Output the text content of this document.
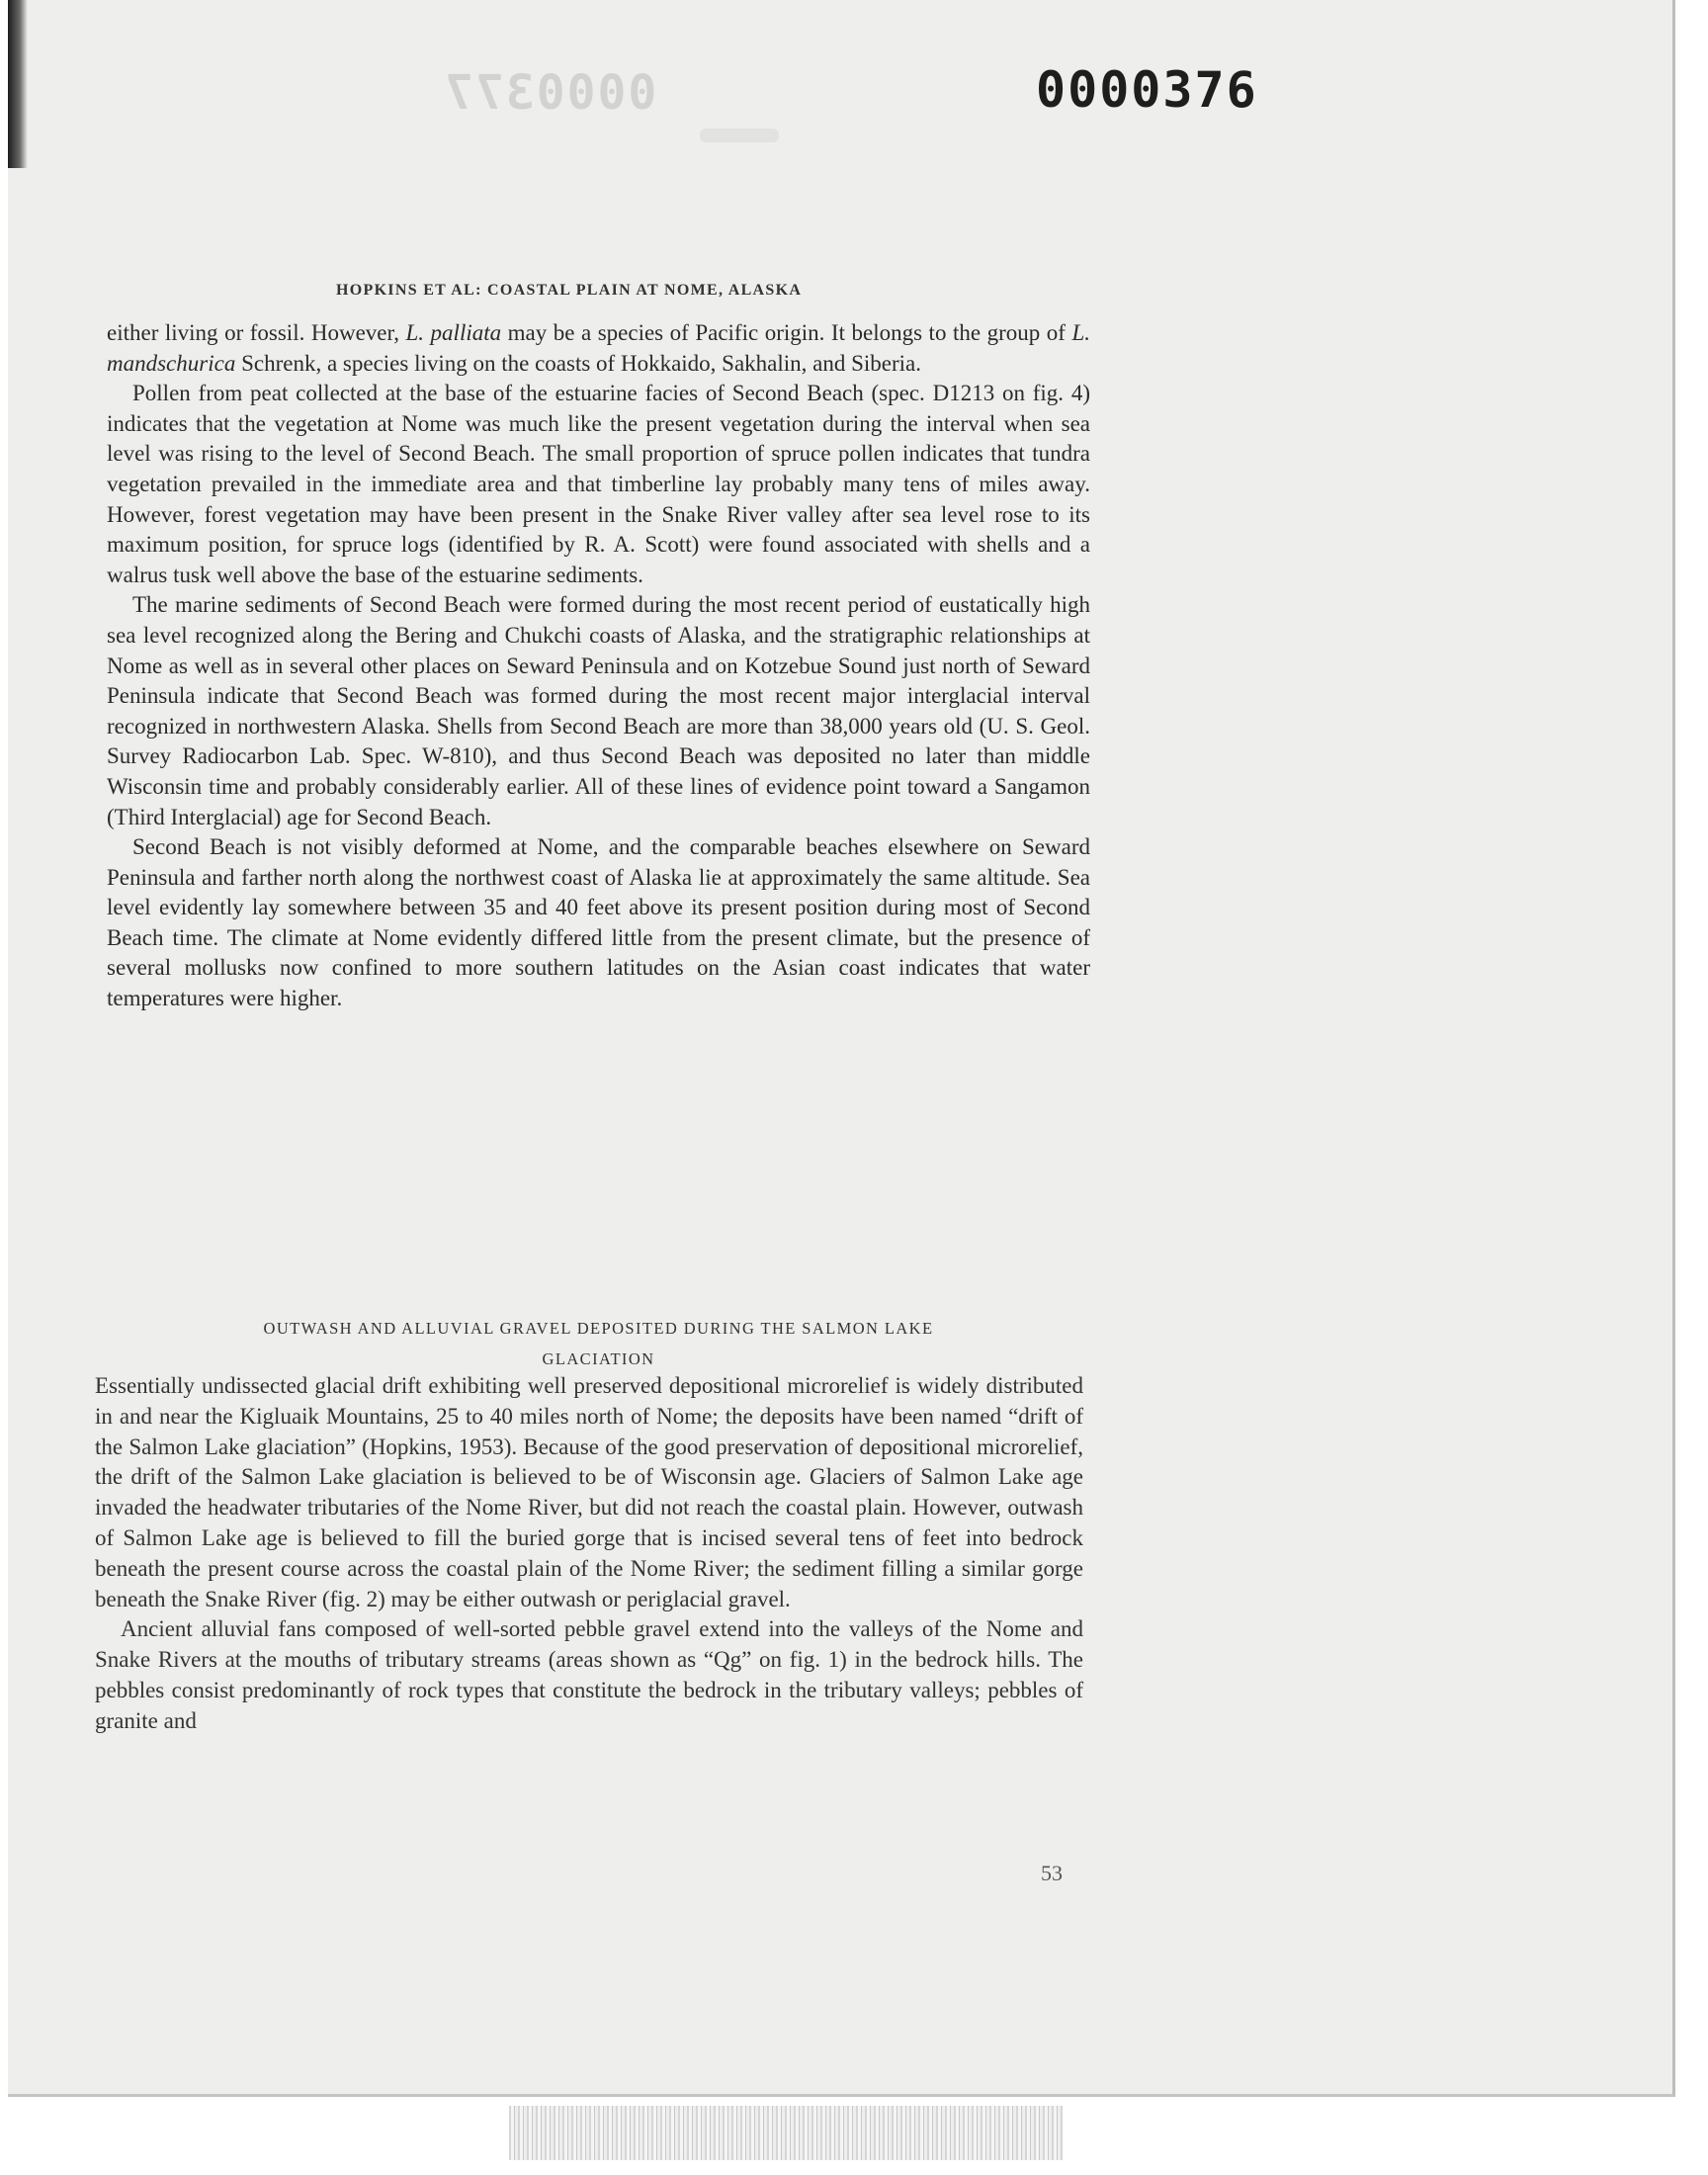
0000377	0000376
HOPKINS ET AL: COASTAL PLAIN AT NOME, ALASKA

either living or fossil. However, L. palliata may be a species of Pacific origin. It belongs to the group of L. mandschurica Schrenk, a species living on the coasts of Hokkaido, Sakhalin, and Siberia.

Pollen from peat collected at the base of the estuarine facies of Second Beach (spec. D1213 on fig. 4) indicates that the vegetation at Nome was much like the present vegetation during the interval when sea level was rising to the level of Second Beach. The small proportion of spruce pollen indicates that tundra vegetation prevailed in the immediate area and that timberline lay probably many tens of miles away. However, forest vegetation may have been present in the Snake River valley after sea level rose to its maximum position, for spruce logs (identified by R. A. Scott) were found associated with shells and a walrus tusk well above the base of the estuarine sediments.

The marine sediments of Second Beach were formed during the most recent period of eustatically high sea level recognized along the Bering and Chukchi coasts of Alaska, and the stratigraphic relationships at Nome as well as in several other places on Seward Peninsula and on Kotzebue Sound just north of Seward Peninsula indicate that Second Beach was formed during the most recent major interglacial interval recognized in northwestern Alaska. Shells from Second Beach are more than 38,000 years old (U. S. Geol. Survey Radiocarbon Lab. Spec. W-810), and thus Second Beach was deposited no later than middle Wisconsin time and probably considerably earlier. All of these lines of evidence point toward a Sangamon (Third Interglacial) age for Second Beach.

Second Beach is not visibly deformed at Nome, and the comparable beaches elsewhere on Seward Peninsula and farther north along the northwest coast of Alaska lie at approximately the same altitude. Sea level evidently lay somewhere between 35 and 40 feet above its present position during most of Second Beach time. The climate at Nome evidently differed little from the present climate, but the presence of several mollusks now confined to more southern latitudes on the Asian coast indicates that water temperatures were higher.

OUTWASH AND ALLUVIAL GRAVEL DEPOSITED DURING THE SALMON LAKE
GLACIATION

Essentially undissected glacial drift exhibiting well preserved depositional microrelief is widely distributed in and near the Kigluaik Mountains, 25 to 40 miles north of Nome; the deposits have been named “drift of the Salmon Lake glaciation” (Hopkins, 1953). Because of the good preservation of depositional microrelief, the drift of the Salmon Lake glaciation is believed to be of Wisconsin age. Glaciers of Salmon Lake age invaded the headwater tributaries of the Nome River, but did not reach the coastal plain. However, outwash of Salmon Lake age is believed to fill the buried gorge that is incised several tens of feet into bedrock beneath the present course across the coastal plain of the Nome River; the sediment filling a similar gorge beneath the Snake River (fig. 2) may be either outwash or periglacial gravel.

Ancient alluvial fans composed of well-sorted pebble gravel extend into the valleys of the Nome and Snake Rivers at the mouths of tributary streams (areas shown as “Qg” on fig. 1) in the bedrock hills. The pebbles consist predominantly of rock types that constitute the bedrock in the tributary valleys; pebbles of granite and

53
